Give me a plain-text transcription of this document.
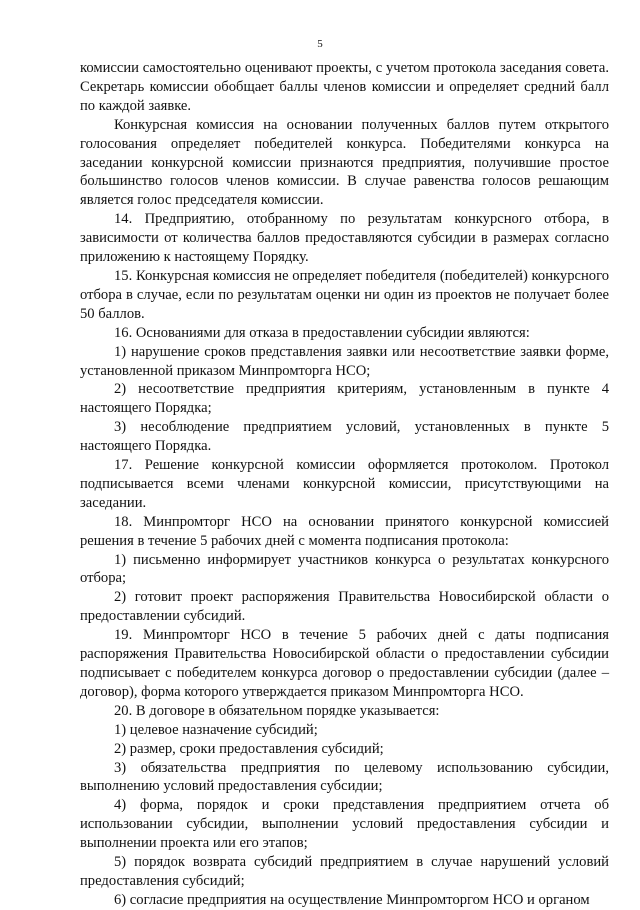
5

комиссии самостоятельно оценивают проекты, с учетом протокола заседания совета. Секретарь комиссии обобщает баллы членов комиссии и определяет средний балл по каждой заявке.

Конкурсная комиссия на основании полученных баллов путем открытого голосования определяет победителей конкурса. Победителями конкурса на заседании конкурсной комиссии признаются предприятия, получившие простое большинство голосов членов комиссии. В случае равенства голосов решающим является голос председателя комиссии.

14. Предприятию, отобранному по результатам конкурсного отбора, в зависимости от количества баллов предоставляются субсидии в размерах согласно приложению к настоящему Порядку.

15. Конкурсная комиссия не определяет победителя (победителей) конкурсного отбора в случае, если по результатам оценки ни один из проектов не получает более 50 баллов.

16. Основаниями для отказа в предоставлении субсидии являются:

1) нарушение сроков представления заявки или несоответствие заявки форме, установленной приказом Минпромторга НСО;

2) несоответствие предприятия критериям, установленным в пункте 4 настоящего Порядка;

3) несоблюдение предприятием условий, установленных в пункте 5 настоящего Порядка.

17. Решение конкурсной комиссии оформляется протоколом. Протокол подписывается всеми членами конкурсной комиссии, присутствующими на заседании.

18. Минпромторг НСО на основании принятого конкурсной комиссией решения в течение 5 рабочих дней с момента подписания протокола:

1) письменно информирует участников конкурса о результатах конкурсного отбора;

2) готовит проект распоряжения Правительства Новосибирской области о предоставлении субсидий.

19. Минпромторг НСО в течение 5 рабочих дней с даты подписания распоряжения Правительства Новосибирской области о предоставлении субсидии подписывает с победителем конкурса договор о предоставлении субсидии (далее – договор), форма которого утверждается приказом Минпромторга НСО.

20. В договоре в обязательном порядке указывается:

1) целевое назначение субсидий;

2) размер, сроки предоставления субсидий;

3) обязательства предприятия по целевому использованию субсидии, выполнению условий предоставления субсидии;

4) форма, порядок и сроки представления предприятием отчета об использовании субсидии, выполнении условий предоставления субсидии и выполнении проекта или его этапов;

5) порядок возврата субсидий предприятием в случае нарушений условий предоставления субсидий;

6) согласие предприятия на осуществление Минпромторгом НСО и органом
